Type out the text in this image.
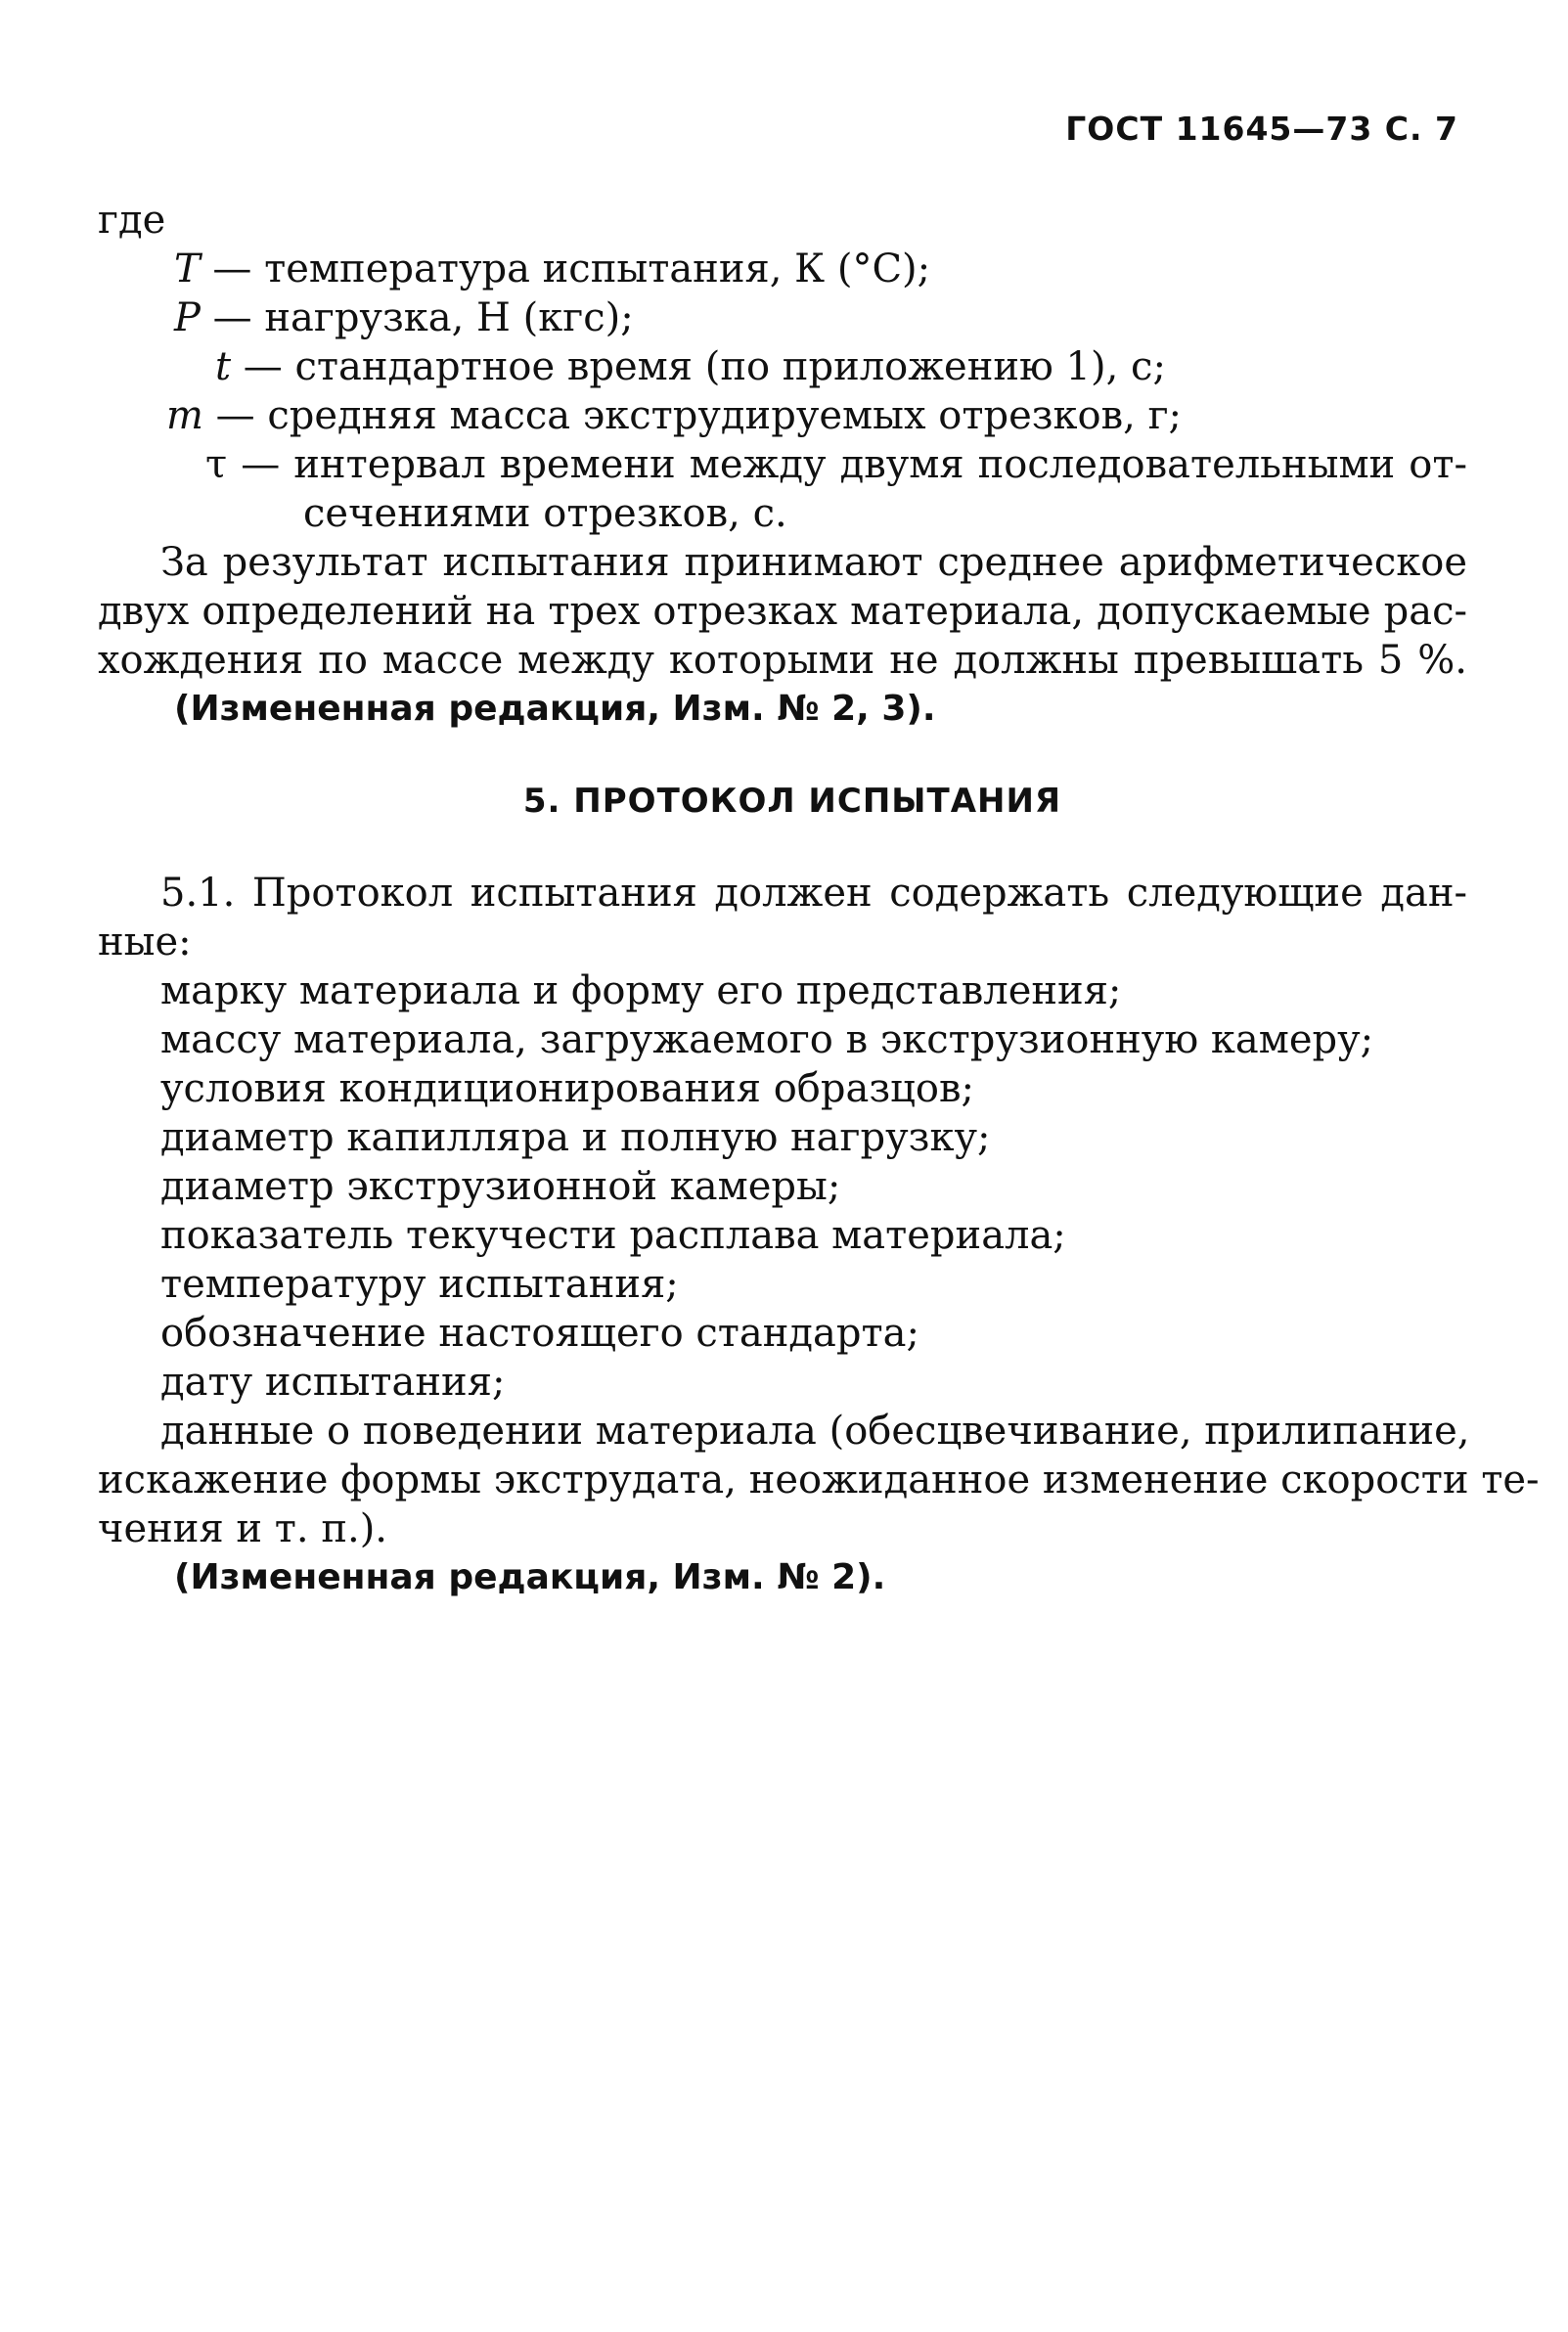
ГОСТ 11645—73 С. 7
где
T — температура испытания, К (°С);
P — нагрузка, Н (кгс);
t — стандартное время (по приложению 1), с;
m — средняя масса экструдируемых отрезков, г;
τ — интервал времени между двумя последовательными от-
сечениями отрезков, с.
За результат испытания принимают среднее арифметическое
двух определений на трех отрезках материала, допускаемые рас-
хождения по массе между которыми не должны превышать 5 %.
(Измененная редакция, Изм. № 2, 3).
5. ПРОТОКОЛ ИСПЫТАНИЯ
5.1. Протокол испытания должен содержать следующие дан-
ные:
марку материала и форму его представления;
массу материала, загружаемого в экструзионную камеру;
условия кондиционирования образцов;
диаметр капилляра и полную нагрузку;
диаметр экструзионной камеры;
показатель текучести расплава материала;
температуру испытания;
обозначение настоящего стандарта;
дату испытания;
данные о поведении материала (обесцвечивание, прилипание,
искажение формы экструдата, неожиданное изменение скорости те-
чения и т. п.).
(Измененная редакция, Изм. № 2).
